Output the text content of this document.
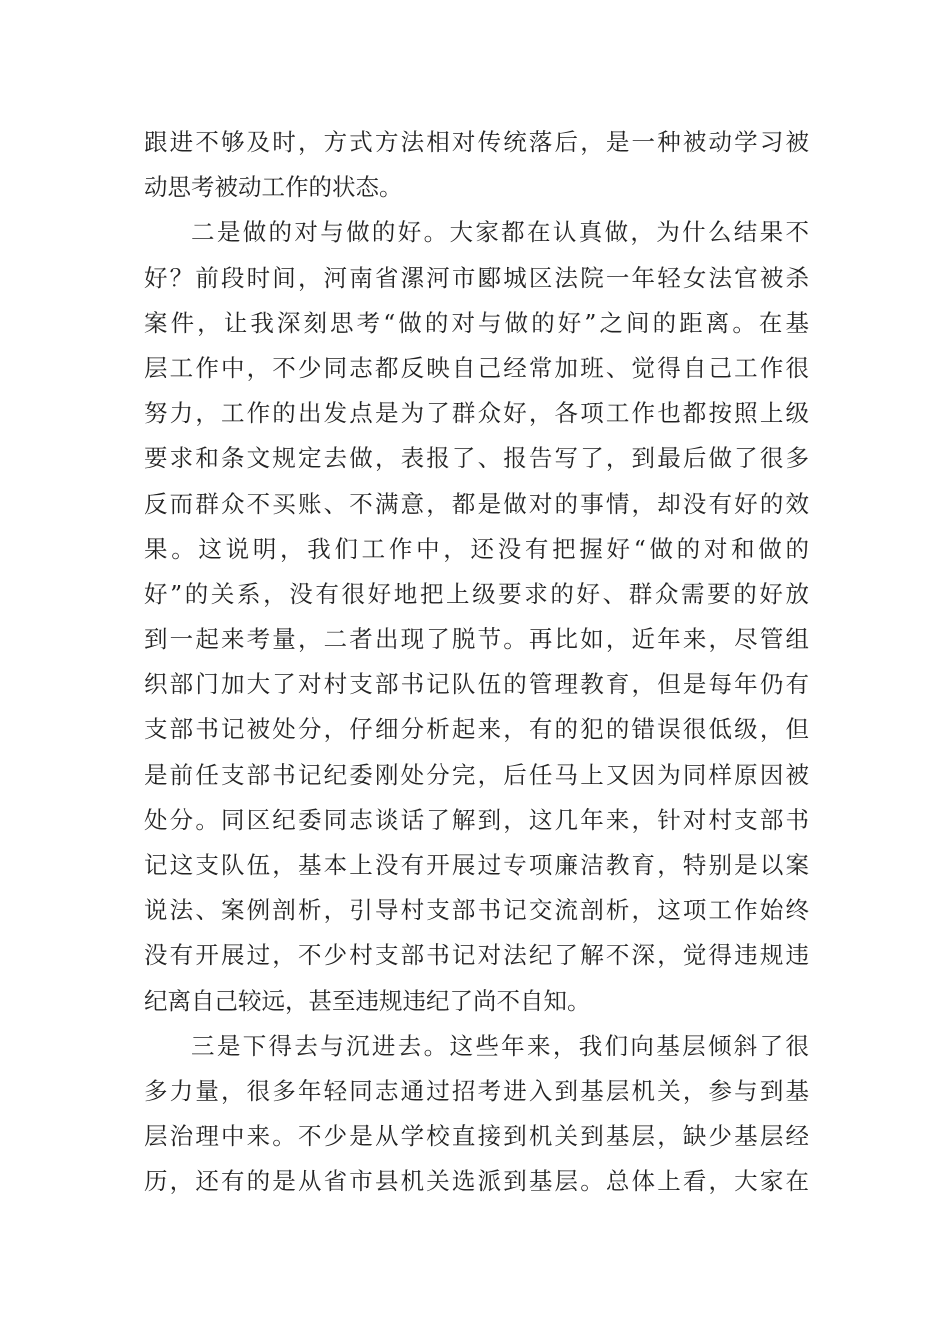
跟进不够及时，方式方法相对传统落后，是一种被动学习被
动思考被动工作的状态。
二是做的对与做的好。大家都在认真做，为什么结果不
好？前段时间，河南省漯河市郾城区法院一年轻女法官被杀
案件，让我深刻思考“做的对与做的好”之间的距离。在基
层工作中，不少同志都反映自己经常加班、觉得自己工作很
努力，工作的出发点是为了群众好，各项工作也都按照上级
要求和条文规定去做，表报了、报告写了，到最后做了很多
反而群众不买账、不满意，都是做对的事情，却没有好的效
果。这说明，我们工作中，还没有把握好“做的对和做的
好”的关系，没有很好地把上级要求的好、群众需要的好放
到一起来考量，二者出现了脱节。再比如，近年来，尽管组
织部门加大了对村支部书记队伍的管理教育，但是每年仍有
支部书记被处分，仔细分析起来，有的犯的错误很低级，但
是前任支部书记纪委刚处分完，后任马上又因为同样原因被
处分。同区纪委同志谈话了解到，这几年来，针对村支部书
记这支队伍，基本上没有开展过专项廉洁教育，特别是以案
说法、案例剖析，引导村支部书记交流剖析，这项工作始终
没有开展过，不少村支部书记对法纪了解不深，觉得违规违
纪离自己较远，甚至违规违纪了尚不自知。
三是下得去与沉进去。这些年来，我们向基层倾斜了很
多力量，很多年轻同志通过招考进入到基层机关，参与到基
层治理中来。不少是从学校直接到机关到基层，缺少基层经
历，还有的是从省市县机关选派到基层。总体上看，大家在
